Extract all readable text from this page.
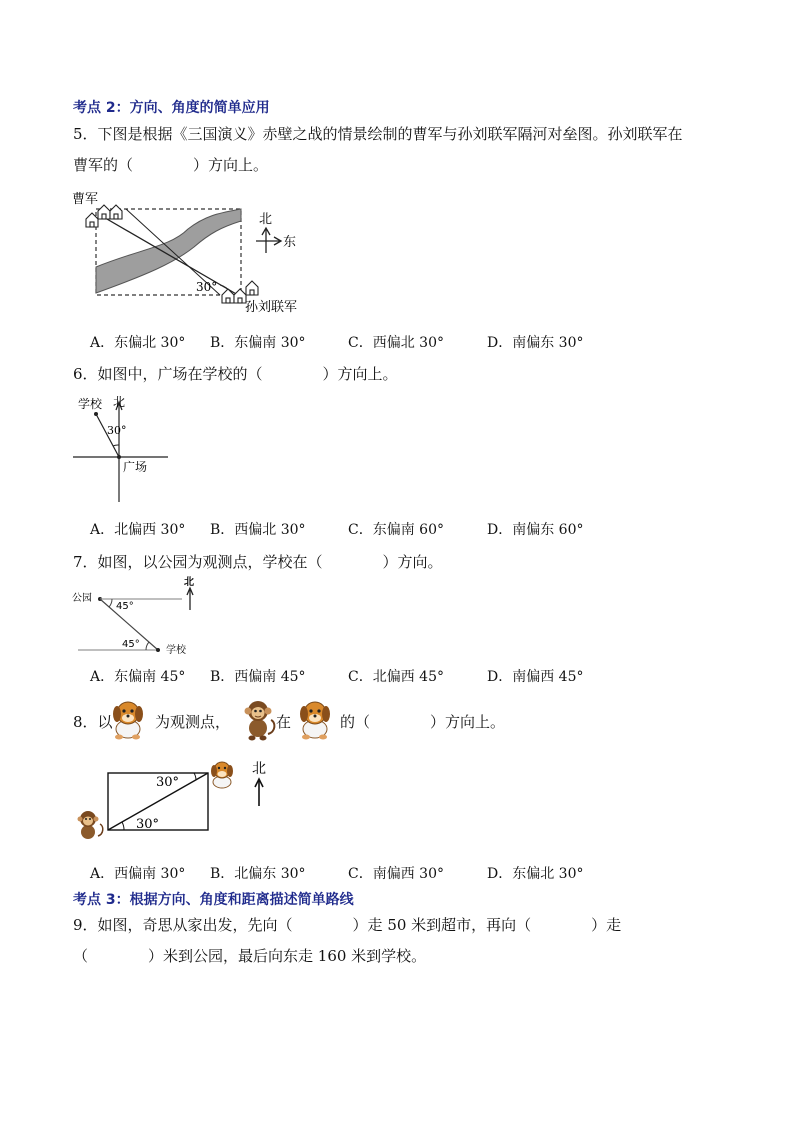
考点 2：方向、角度的简单应用
5．下图是根据《三国演义》赤壁之战的情景绘制的曹军与孙刘联军隔河对垒图。孙刘联军在
曹军的（　　　　）方向上。
曹军
30°
孙刘联军
北
东
A．东偏北 30° B．东偏南 30°	C．西偏北 30°	D．南偏东 30°
6．如图中，广场在学校的（　　　　）方向上。
学校 北
30°
广场
A．北偏西 30° B．西偏北 30°	C．东偏南 60°	D．南偏东 60°
7．如图，以公园为观测点，学校在（　　　　）方向。
公园
45°
45°
学校
北
A．东偏南 45° B．西偏南 45°	C．北偏西 45°	D．南偏西 45°
8．以	为观测点，	在	的（　　　　）方向上。
30°
30°
北
A．西偏南 30° B．北偏东 30°	C．南偏西 30°	D．东偏北 30°
考点 3：根据方向、角度和距离描述简单路线
9．如图，奇思从家出发，先向（　　　　）走 50 米到超市，再向（　　　　）走
（　　　　）米到公园，最后向东走 160 米到学校。
